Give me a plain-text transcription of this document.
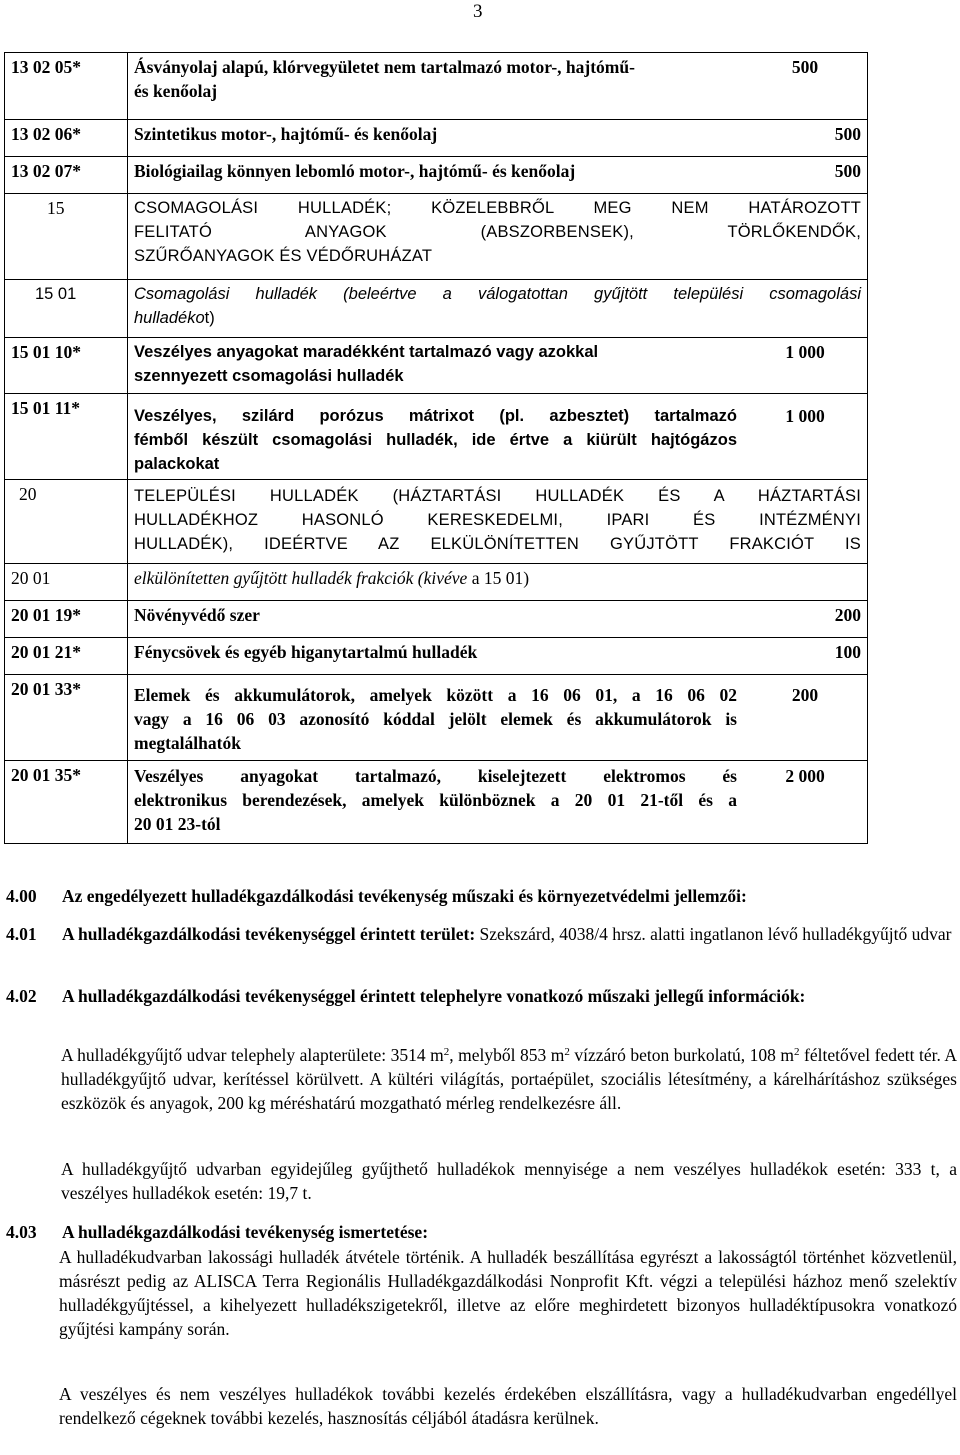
3
13 02 05*	Ásványolaj alapú, klórvegyületet nem tartalmazó motor-, hajtómű-
és kenőolaj	500
13 02 06*	Szintetikus motor-, hajtómű- és kenőolaj	500
13 02 07*	Biológiailag könnyen lebomló motor-, hajtómű- és kenőolaj	500
15	CSOMAGOLÁSI HULLADÉK; KÖZELEBBRŐL MEG NEM HATÁROZOTT
FELITATÓ ANYAGOK (ABSZORBENSEK), TÖRLŐKENDŐK,
SZŰRŐANYAGOK ÉS VÉDŐRUHÁZAT	

15 01	Csomagolási hulladék (beleértve a válogatottan gyűjtött települési csomagolási
hulladékot)	

15 01 10*	Veszélyes anyagokat maradékként tartalmazó vagy azokkal
szennyezett csomagolási hulladék	1 000
15 01 11*	Veszélyes, szilárd porózus mátrixot (pl. azbesztet) tartalmazó
fémből készült csomagolási hulladék, ide értve a kiürült hajtógázos
palackokat	1 000
20	TELEPÜLÉSI HULLADÉK (HÁZTARTÁSI HULLADÉK ÉS A HÁZTARTÁSI
HULLADÉKHOZ HASONLÓ KERESKEDELMI, IPARI ÉS INTÉZMÉNYI
HULLADÉK), IDEÉRTVE AZ ELKÜLÖNÍTETTEN GYŰJTÖTT FRAKCIÓT IS	

20 01	elkülönítetten gyűjtött hulladék frakciók (kivéve a 15 01)	
20 01 19*	Növényvédő szer	200
20 01 21*	Fénycsövek és egyéb higanytartalmú hulladék	100
20 01 33*	Elemek és akkumulátorok, amelyek között a 16 06 01, a 16 06 02
vagy a 16 06 03 azonosító kóddal jelölt elemek és akkumulátorok is
megtalálhatók	200
20 01 35*	Veszélyes anyagokat tartalmazó, kiselejtezett elektromos és
elektronikus berendezések, amelyek különböznek a 20 01 21-től és a
20 01 23-tól	2 000
4.00 Az engedélyezett hulladékgazdálkodási tevékenység műszaki és környezetvédelmi jellemzői:
4.01 A hulladékgazdálkodási tevékenységgel érintett terület: Szekszárd, 4038/4 hrsz. alatti ingatlanon lévő hulladékgyűjtő udvar
4.02 A hulladékgazdálkodási tevékenységgel érintett telephelyre vonatkozó műszaki jellegű információk:
A hulladékgyűjtő udvar telephely alapterülete: 3514 $m^2$, melyből 853 $m^2$ vízzáró beton burkolatú, 108 $m^2$ féltetővel fedett tér. A hulladékgyűjtő udvar, kerítéssel körülvett. A kültéri világítás, portaépület, szociális létesítmény, a kárelhárításhoz szükséges eszközök és anyagok, 200 kg méréshatárú mozgatható mérleg rendelkezésre áll.
A hulladékgyűjtő udvarban egyidejűleg gyűjthető hulladékok mennyisége a nem veszélyes hulladékok esetén: 333 t, a veszélyes hulladékok esetén: 19,7 t.
4.03 A hulladékgazdálkodási tevékenység ismertetése:
A hulladékudvarban lakossági hulladék átvétele történik. A hulladék beszállítása egyrészt a lakosságtól történhet közvetlenül, másrészt pedig az ALISCA Terra Regionális Hulladékgazdálkodási Nonprofit Kft. végzi a települési házhoz menő szelektív hulladékgyűjtéssel, a kihelyezett hulladékszigetekről, illetve az előre meghirdetett bizonyos hulladéktípusokra vonatkozó gyűjtési kampány során.
A veszélyes és nem veszélyes hulladékok további kezelés érdekében elszállításra, vagy a hulladékudvarban engedéllyel rendelkező cégeknek további kezelés, hasznosítás céljából átadásra kerülnek.
